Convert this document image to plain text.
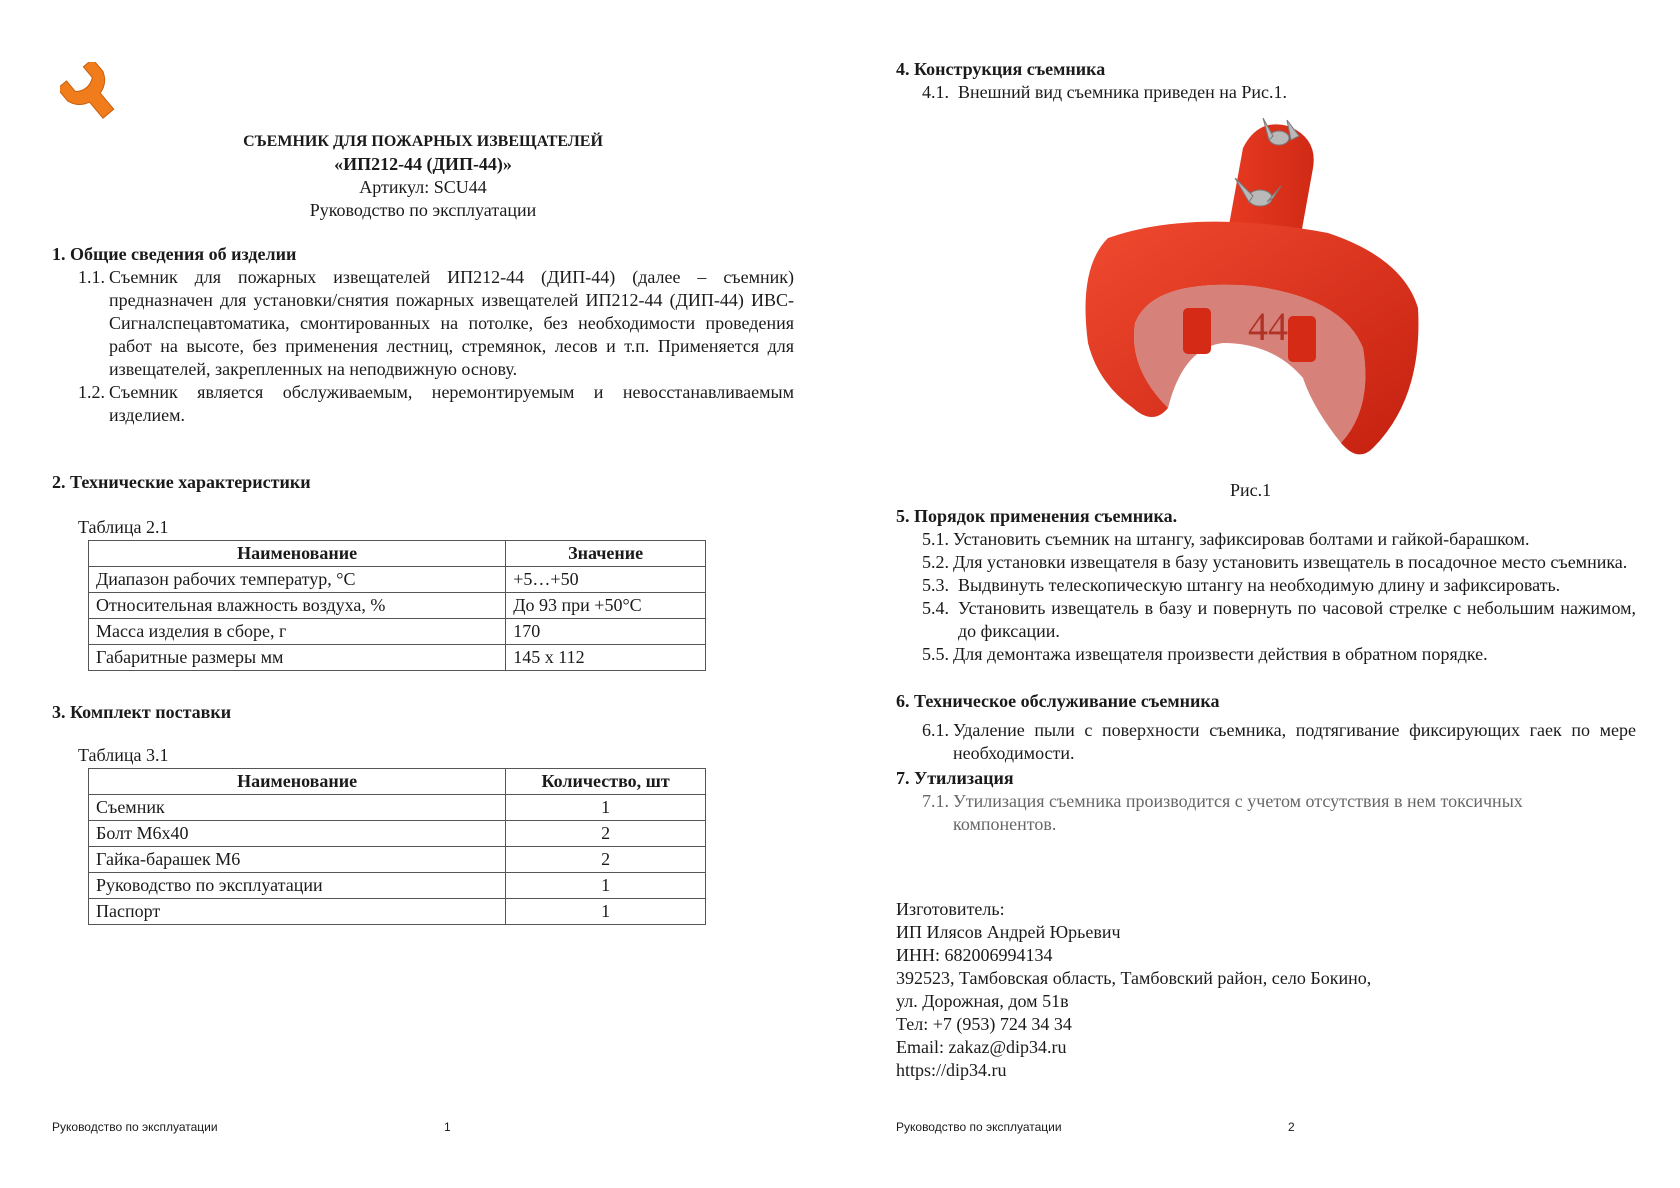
СЪЕМНИК ДЛЯ ПОЖАРНЫХ ИЗВЕЩАТЕЛЕЙ
«ИП212-44 (ДИП-44)»
Артикул: SCU44
Руководство по эксплуатации
1. Общие сведения об изделии
1.1. Съемник для пожарных извещателей ИП212-44 (ДИП-44) (далее – съемник) предназначен для установки/снятия пожарных извещателей ИП212-44 (ДИП-44) ИВС-Сигналспецавтоматика, смонтированных на потолке, без необходимости проведения работ на высоте, без применения лестниц, стремянок, лесов и т.п. Применяется для извещателей, закрепленных на неподвижную основу.
1.2. Съемник является обслуживаемым, неремонтируемым и невосстанавливаемым изделием.
2. Технические характеристики
Таблица 2.1
Наименование	Значение
Диапазон рабочих температур, °С	+5…+50
Относительная влажность воздуха, %	До 93 при +50°С
Масса изделия в сборе, г	170
Габаритные размеры мм	145 х 112
3. Комплект поставки
Таблица 3.1
Наименование	Количество, шт
Съемник	1
Болт М6х40	2
Гайка-барашек М6	2
Руководство по эксплуатации	1
Паспорт	1
Руководство по эксплуатации	1
4. Конструкция съемника
4.1. Внешний вид съемника приведен на Рис.1.
44
Рис.1
5. Порядок применения съемника.
5.1. Установить съемник на штангу, зафиксировав болтами и гайкой-барашком.
5.2. Для установки извещателя в базу установить извещатель в посадочное место съемника.
5.3. Выдвинуть телескопическую штангу на необходимую длину и зафиксировать.
5.4. Установить извещатель в базу и повернуть по часовой стрелке с небольшим нажимом, до фиксации.
5.5. Для демонтажа извещателя произвести действия в обратном порядке.
6. Техническое обслуживание съемника
6.1. Удаление пыли с поверхности съемника, подтягивание фиксирующих гаек по мере необходимости.
7. Утилизация
7.1. Утилизация съемника производится с учетом отсутствия в нем токсичных компонентов.
Изготовитель:
ИП Илясов Андрей Юрьевич
ИНН: 682006994134
392523, Тамбовская область, Тамбовский район, село Бокино,
ул. Дорожная, дом 51в
Тел: +7 (953) 724 34 34
Email: zakaz@dip34.ru
https://dip34.ru
Руководство по эксплуатации	2
